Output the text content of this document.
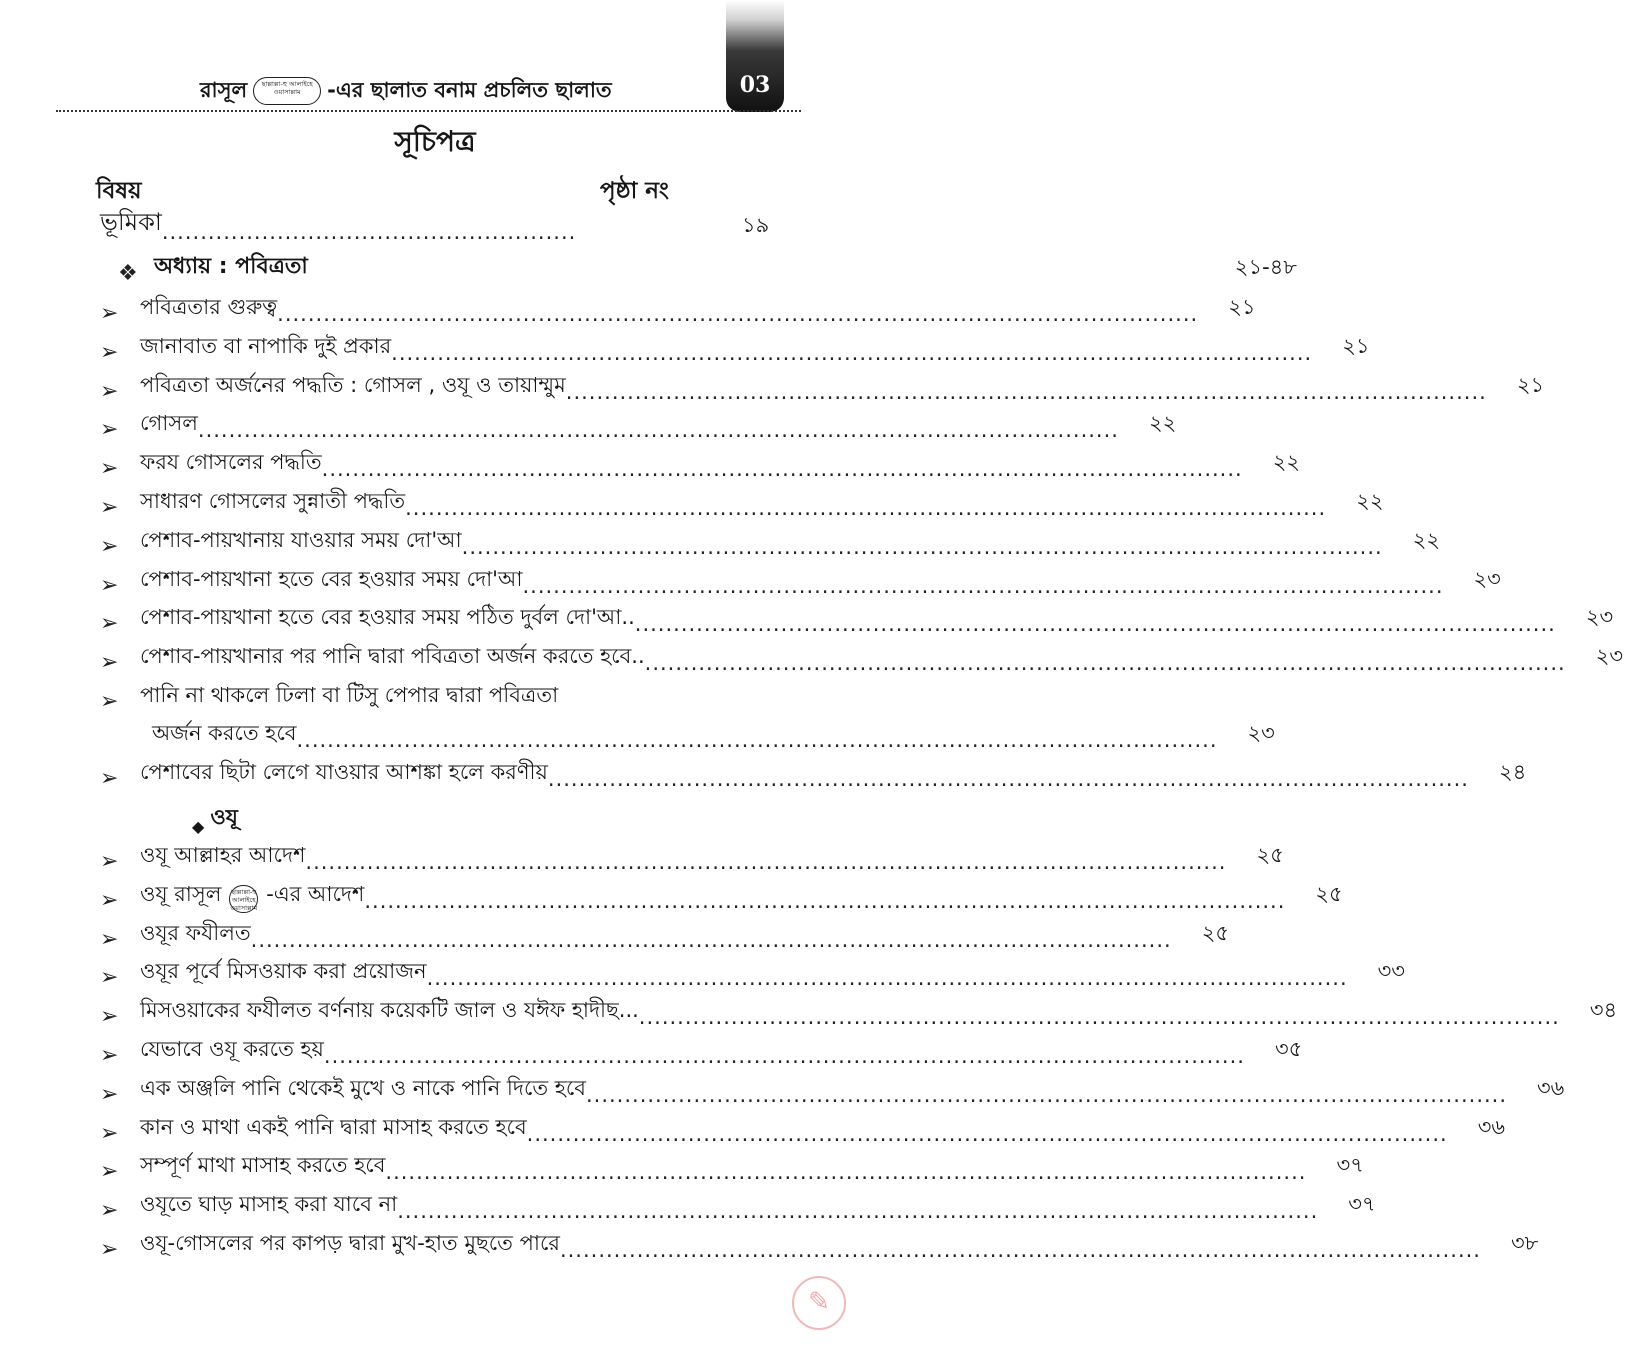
03
রাসূল	ছাল্লাল্লা-হু আলাইহে ওয়াসাল্লাম	-এর ছালাত বনাম প্রচলিত ছালাত
সূচিপত্র
বিষয়	পৃষ্ঠা নং
ভূমিকা ......................................................	১৯
❖ অধ্যায় : পবিত্রতা	২১-৪৮
➢	পবিত্রতার গুরুত্ব ........................................................................................................................ ২১
➢	জানাবাত বা নাপাকি দুই প্রকার ........................................................................................................................ ২১
➢	পবিত্রতা অর্জনের পদ্ধতি : গোসল , ওযূ ও তায়াম্মুম ........................................................................................................................ ২১
➢	গোসল ........................................................................................................................ ২২
➢	ফরয গোসলের পদ্ধতি ........................................................................................................................ ২২
➢	সাধারণ গোসলের সুন্নাতী পদ্ধতি ........................................................................................................................ ২২
➢	পেশাব-পায়খানায় যাওয়ার সময় দো'আ ........................................................................................................................ ২২
➢	পেশাব-পায়খানা হতে বের হওয়ার সময় দো'আ ........................................................................................................................ ২৩
➢	পেশাব-পায়খানা হতে বের হওয়ার সময় পঠিত দুর্বল দো'আ.. ........................................................................................................................ ২৩
➢	পেশাব-পায়খানার পর পানি দ্বারা পবিত্রতা অর্জন করতে হবে.. ........................................................................................................................ ২৩
➢	পানি না থাকলে ঢিলা বা টিসু পেপার দ্বারা পবিত্রতা
অর্জন করতে হবে ........................................................................................................................ ২৩
➢	পেশাবের ছিটা লেগে যাওয়ার আশঙ্কা হলে করণীয় ........................................................................................................................ ২৪
◆ ওযূ
➢	ওযূ আল্লাহর আদেশ ........................................................................................................................ ২৫
➢	ওযূ রাসূল ছাল্লাল্লা-হু আলাইহে ওয়াসাল্লাম
-এর আদেশ ........................................................................................................................ ২৫
➢	ওযূর ফযীলত ........................................................................................................................ ২৫
➢	ওযূর পূর্বে মিসওয়াক করা প্রয়োজন ........................................................................................................................ ৩৩
➢	মিসওয়াকের ফযীলত বর্ণনায় কয়েকটি জাল ও যঈফ হাদীছ... ........................................................................................................................ ৩৪
➢	যেভাবে ওযূ করতে হয় ........................................................................................................................ ৩৫
➢	এক অঞ্জলি পানি থেকেই মুখে ও নাকে পানি দিতে হবে ........................................................................................................................ ৩৬
➢	কান ও মাথা একই পানি দ্বারা মাসাহ করতে হবে ........................................................................................................................ ৩৬
➢	সম্পূর্ণ মাথা মাসাহ করতে হবে ........................................................................................................................ ৩৭
➢	ওযূতে ঘাড় মাসাহ করা যাবে না ........................................................................................................................ ৩৭
➢	ওযূ-গোসলের পর কাপড় দ্বারা মুখ-হাত মুছতে পারে ........................................................................................................................ ৩৮
✎
